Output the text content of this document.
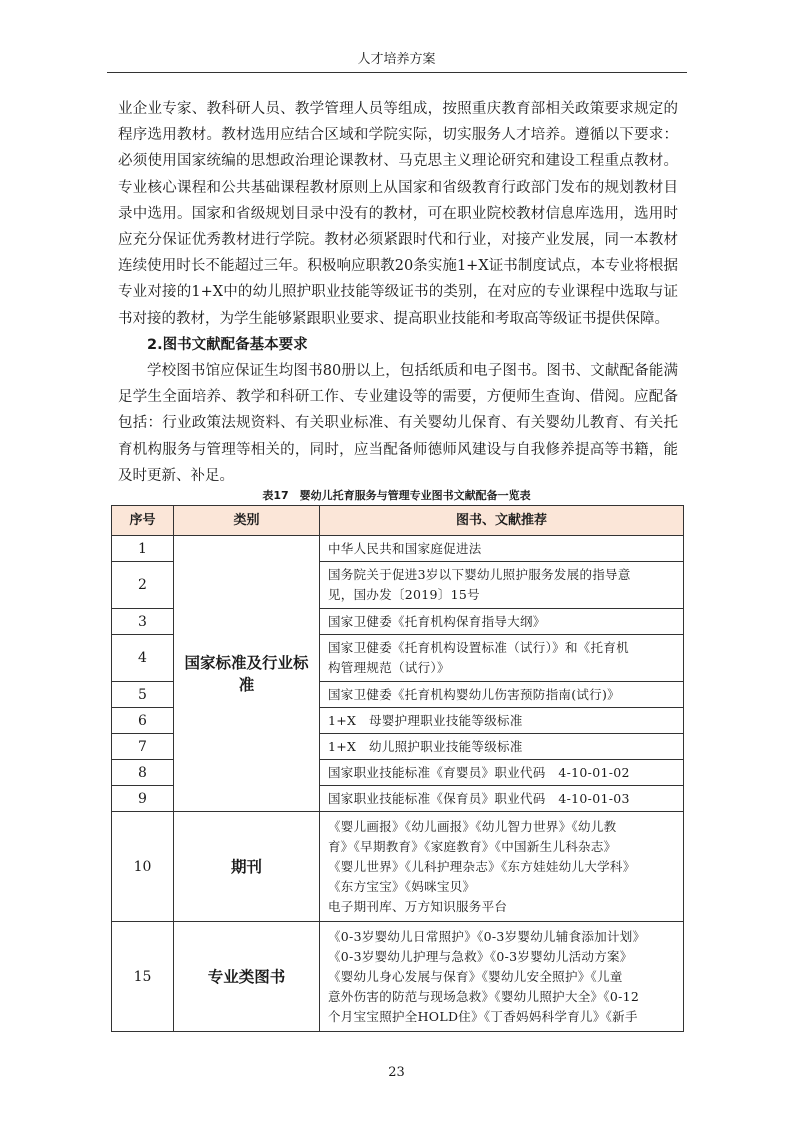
人才培养方案

业企业专家、教科研人员、教学管理人员等组成，按照重庆教育部相关政策要求规定的程序选用教材。教材选用应结合区域和学院实际，切实服务人才培养。遵循以下要求：必须使用国家统编的思想政治理论课教材、马克思主义理论研究和建设工程重点教材。专业核心课程和公共基础课程教材原则上从国家和省级教育行政部门发布的规划教材目录中选用。国家和省级规划目录中没有的教材，可在职业院校教材信息库选用，选用时应充分保证优秀教材进行学院。教材必须紧跟时代和行业，对接产业发展，同一本教材连续使用时长不能超过三年。积极响应职教20条实施1+X证书制度试点，本专业将根据专业对接的1+X中的幼儿照护职业技能等级证书的类别，在对应的专业课程中选取与证书对接的教材，为学生能够紧跟职业要求、提高职业技能和考取高等级证书提供保障。

2.图书文献配备基本要求

学校图书馆应保证生均图书80册以上，包括纸质和电子图书。图书、文献配备能满足学生全面培养、教学和科研工作、专业建设等的需要，方便师生查询、借阅。应配备包括：行业政策法规资料、有关职业标准、有关婴幼儿保育、有关婴幼儿教育、有关托育机构服务与管理等相关的，同时，应当配备师德师风建设与自我修养提高等书籍，能及时更新、补足。

表17　婴幼儿托育服务与管理专业图书文献配备一览表
序号	类别	图书、文献推荐
1	国家标准及行业标准	中华人民共和国家庭促进法

2		国务院关于促进3岁以下婴幼儿照护服务发展的指导意
见，国办发〔2019〕15号

3		国家卫健委《托育机构保育指导大纲》

4		国家卫健委《托育机构设置标准（试行）》和《托育机
构管理规范（试行）》

5		国家卫健委《托育机构婴幼儿伤害预防指南(试行)》

6		1+X　母婴护理职业技能等级标准

7		1+X　幼儿照护职业技能等级标准

8		国家职业技能标准《育婴员》职业代码　4-10-01-02

9		国家职业技能标准《保育员》职业代码　4-10-01-03

10	期刊	《婴儿画报》《幼儿画报》《幼儿智力世界》《幼儿教
育》《早期教育》《家庭教育》《中国新生儿科杂志》
《婴儿世界》《儿科护理杂志》《东方娃娃幼儿大学科》
《东方宝宝》《妈咪宝贝》
电子期刊库、万方知识服务平台

15	专业类图书	《0-3岁婴幼儿日常照护》《0-3岁婴幼儿辅食添加计划》
《0-3岁婴幼儿护理与急救》《0-3岁婴幼儿活动方案》
《婴幼儿身心发展与保育》《婴幼儿安全照护》《儿童
意外伤害的防范与现场急救》《婴幼儿照护大全》《0-12
个月宝宝照护全HOLD住》《丁香妈妈科学育儿》《新手
23
